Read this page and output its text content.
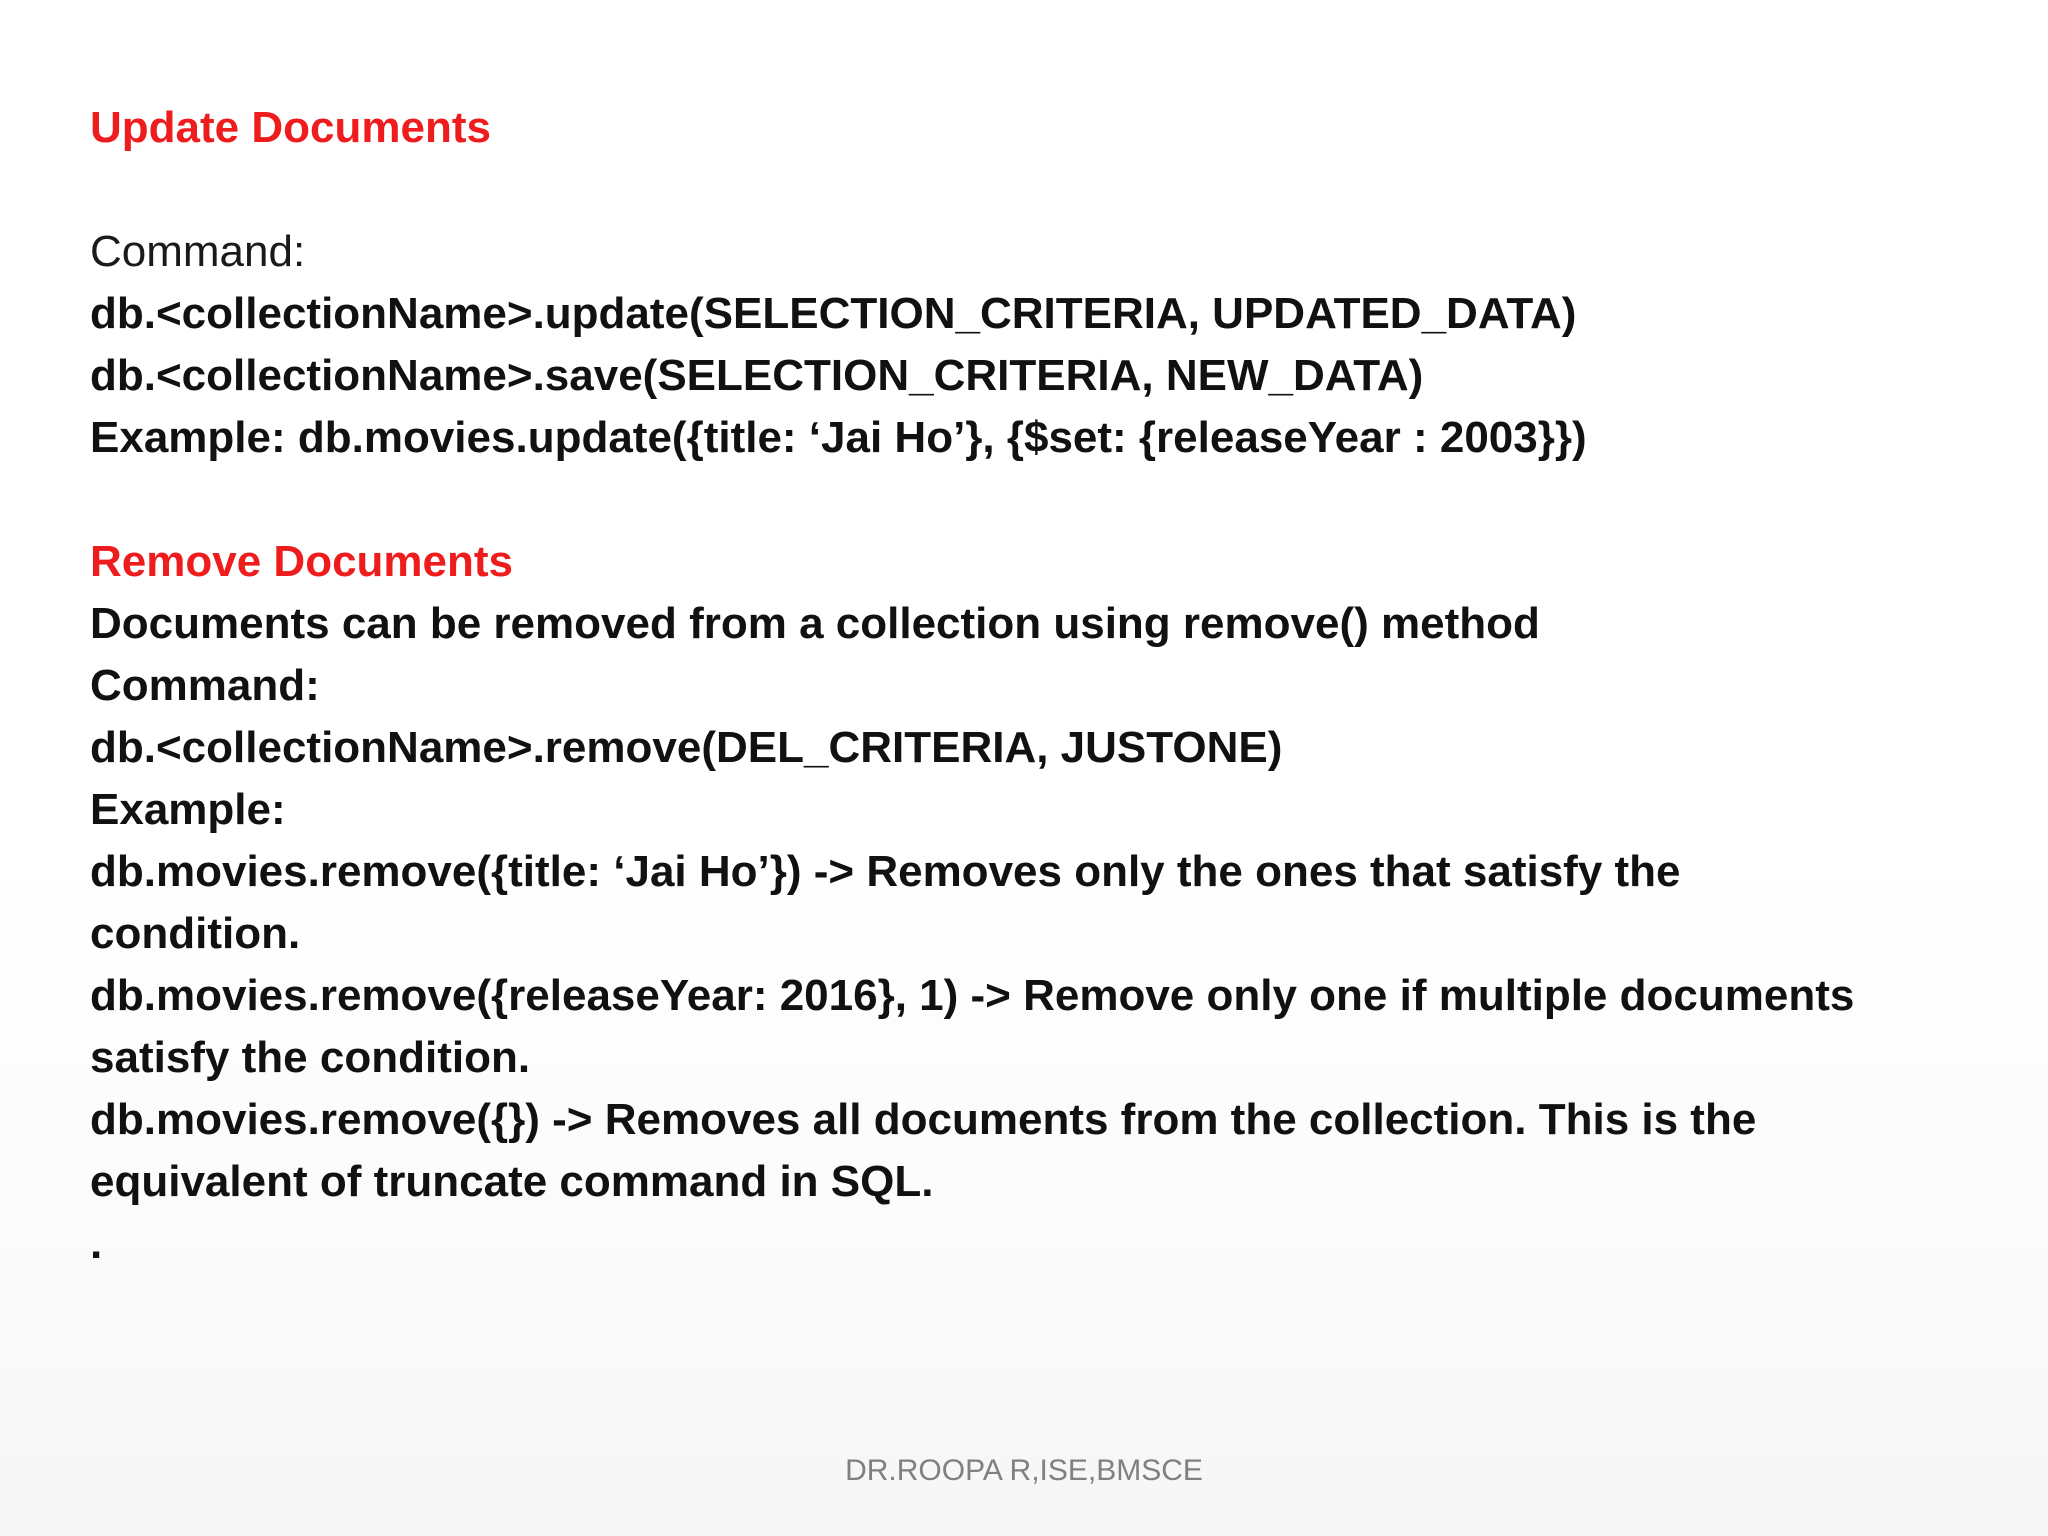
Update Documents
Command:
db.<collectionName>.update(SELECTION_CRITERIA, UPDATED_DATA)
db.<collectionName>.save(SELECTION_CRITERIA, NEW_DATA)
Example: db.movies.update({title: ‘Jai Ho’}, {$set: {releaseYear : 2003}})
Remove Documents
Documents can be removed from a collection using remove() method
Command:
db.<collectionName>.remove(DEL_CRITERIA, JUSTONE)
Example:
db.movies.remove({title: ‘Jai Ho’}) -> Removes only the ones that satisfy the
condition.
db.movies.remove({releaseYear: 2016}, 1) -> Remove only one if multiple documents
satisfy the condition.
db.movies.remove({}) -> Removes all documents from the collection. This is the
equivalent of truncate command in SQL.
.
DR.ROOPA R,ISE,BMSCE
